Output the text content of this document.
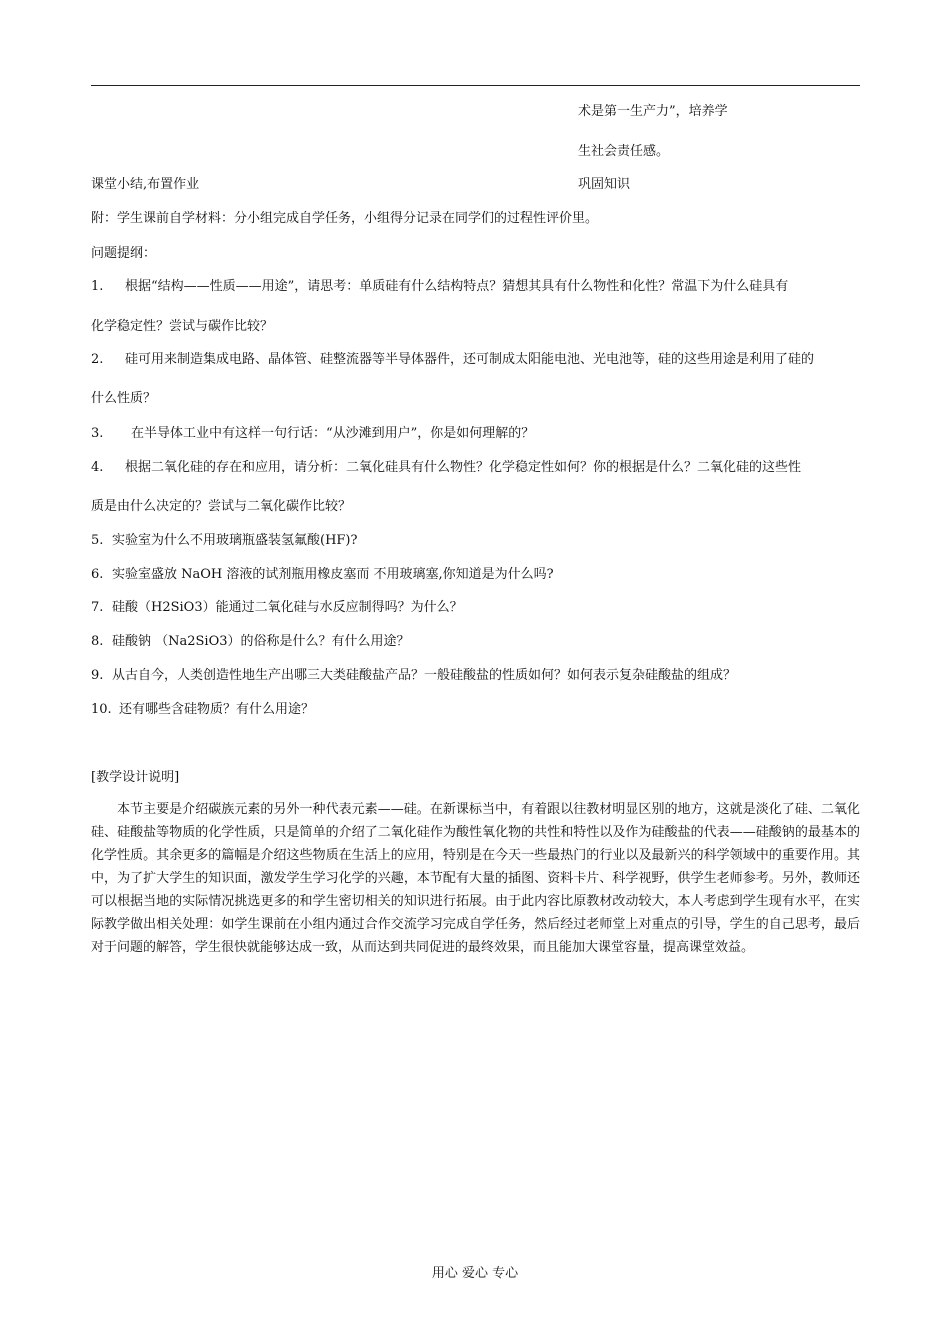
术是第一生产力”，培养学
生社会责任感。
课堂小结,布置作业	巩固知识
附：学生课前自学材料：分小组完成自学任务，小组得分记录在同学们的过程性评价里。
问题提纲：
1. 根据“结构——性质——用途”，请思考：单质硅有什么结构特点？猜想其具有什么物性和化性？常温下为什么硅具有
化学稳定性？尝试与碳作比较？
2. 硅可用来制造集成电路、晶体管、硅整流器等半导体器件，还可制成太阳能电池、光电池等，硅的这些用途是利用了硅的
什么性质？
3. 在半导体工业中有这样一句行话：“从沙滩到用户”，你是如何理解的？
4. 根据二氧化硅的存在和应用，请分析：二氧化硅具有什么物性？化学稳定性如何？你的根据是什么？二氧化硅的这些性
质是由什么决定的？尝试与二氧化碳作比较？
5. 实验室为什么不用玻璃瓶盛装氢氟酸(HF)?
6. 实验室盛放 NaOH 溶液的试剂瓶用橡皮塞而 不用玻璃塞,你知道是为什么吗?
7. 硅酸（H2SiO3）能通过二氧化硅与水反应制得吗？为什么？
8. 硅酸钠 （Na2SiO3）的俗称是什么？有什么用途？
9. 从古自今，人类创造性地生产出哪三大类硅酸盐产品？一般硅酸盐的性质如何？如何表示复杂硅酸盐的组成？
10. 还有哪些含硅物质？有什么用途？
[教学设计说明]
本节主要是介绍碳族元素的另外一种代表元素——硅。在新课标当中，有着跟以往教材明显区别的地方，这就是淡化了硅、二氧化硅、硅酸盐等物质的化学性质，只是简单的介绍了二氧化硅作为酸性氧化物的共性和特性以及作为硅酸盐的代表——硅酸钠的最基本的化学性质。其余更多的篇幅是介绍这些物质在生活上的应用，特别是在今天一些最热门的行业以及最新兴的科学领域中的重要作用。其中，为了扩大学生的知识面，激发学生学习化学的兴趣，本节配有大量的插图、资料卡片、科学视野，供学生老师参考。另外，教师还可以根据当地的实际情况挑选更多的和学生密切相关的知识进行拓展。由于此内容比原教材改动较大，本人考虑到学生现有水平，在实际教学做出相关处理：如学生课前在小组内通过合作交流学习完成自学任务，然后经过老师堂上对重点的引导，学生的自己思考，最后对于问题的解答，学生很快就能够达成一致，从而达到共同促进的最终效果，而且能加大课堂容量，提高课堂效益。
用心 爱心 专心
